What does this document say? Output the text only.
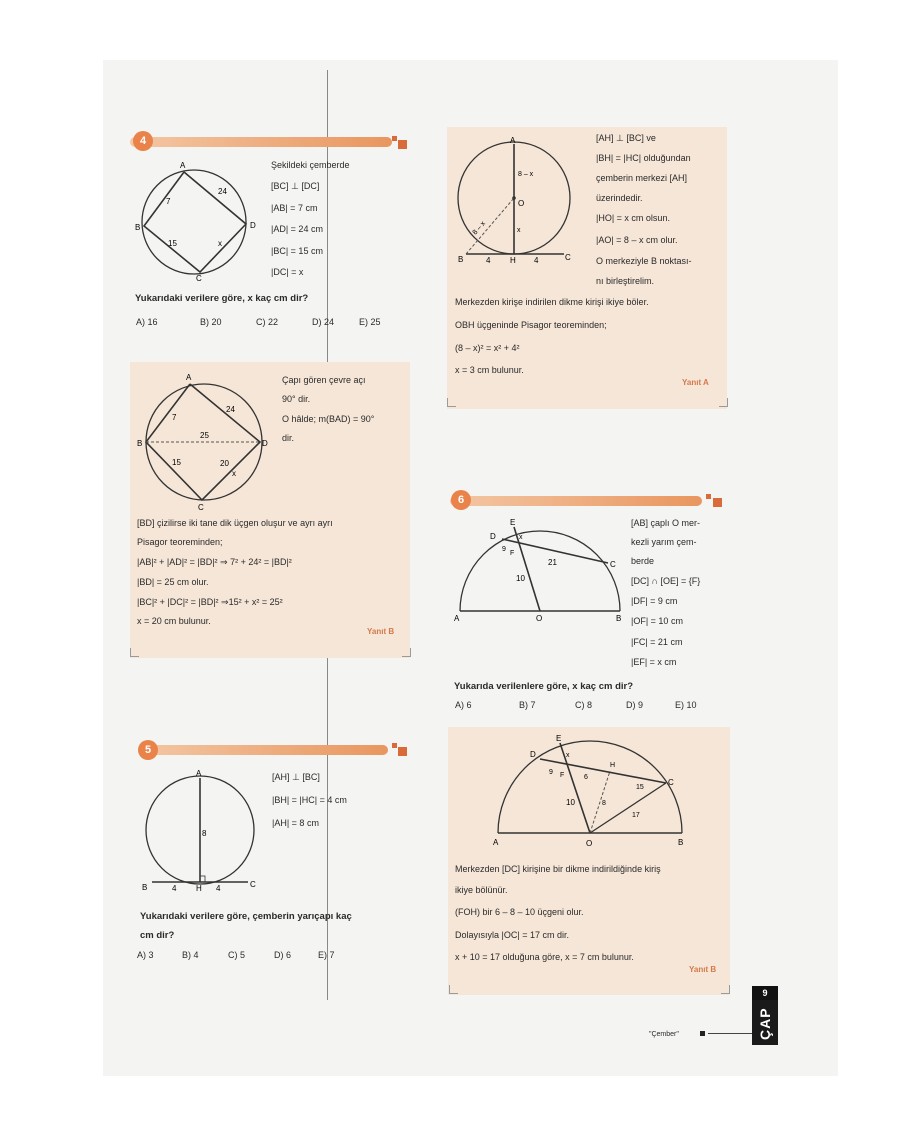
4
A
B
C
D
7
24
15	x
Şekildeki çemberde
[BC] ⊥ [DC]
|AB| = 7 cm
|AD| = 24 cm
|BC| = 15 cm
|DC| = x
Yukarıdaki verilere göre, x kaç cm dir?
A) 16	B) 20	C) 22	D) 24	E) 25
A
B
C
D
7
24
25
15	20
x
Çapı gören çevre açı
90° dir.
O hâlde; m(BAD) = 90°
dir.
[BD] çizilirse iki tane dik üçgen oluşur ve ayrı ayrı
Pisagor teoreminden;
|AB|² + |AD|² = |BD|² ⇒ 7² + 24² = |BD|²
|BD| = 25 cm olur.
|BC|² + |DC|² = |BD|² ⇒15² + x² = 25²
x = 20 cm bulunur.
Yanıt B
5
A
B	H	C
4	4
8
[AH] ⊥ [BC]
|BH| = |HC| = 4 cm
|AH| = 8 cm
Yukarıdaki verilere göre, çemberin yarıçapı kaç
cm dir?
A) 3	B) 4	C) 5	D) 6	E) 7
A
B	H	C
O
4	4
8 – x
8 – x	x
[AH] ⊥ [BC] ve
|BH| = |HC| olduğundan
çemberin merkezi [AH]
üzerindedir.
|HO| = x cm olsun.
|AO| = 8 – x cm olur.
O merkeziyle B noktası-
nı birleştirelim.
Merkezden kirişe indirilen dikme kirişi ikiye böler.
OBH üçgeninde Pisagor teoreminden;
(8 – x)² = x² + 4²
x = 3 cm bulunur.
Yanıt A
6
A	B
O
C
D
E
F
9
21
10
x
[AB] çaplı O mer-
kezli yarım çem-
berde
[DC] ∩ [OE] = {F}
|DF| = 9 cm
|OF| = 10 cm
|FC| = 21 cm
|EF| = x cm
Yukarıda verilenlere göre, x kaç cm dir?
A) 6	B) 7	C) 8	D) 9	E) 10
A	B
O
C
D
E
F
H
9
6
15
10	8
17
x
Merkezden [DC] kirişine bir dikme indirildiğinde kiriş
ikiye bölünür.
(FOH) bir 6 – 8 – 10 üçgeni olur.
Dolayısıyla |OC| = 17 cm dir.
x + 10 = 17 olduğuna göre, x = 7 cm bulunur.
Yanıt B
"Çember"
9
ÇAP
